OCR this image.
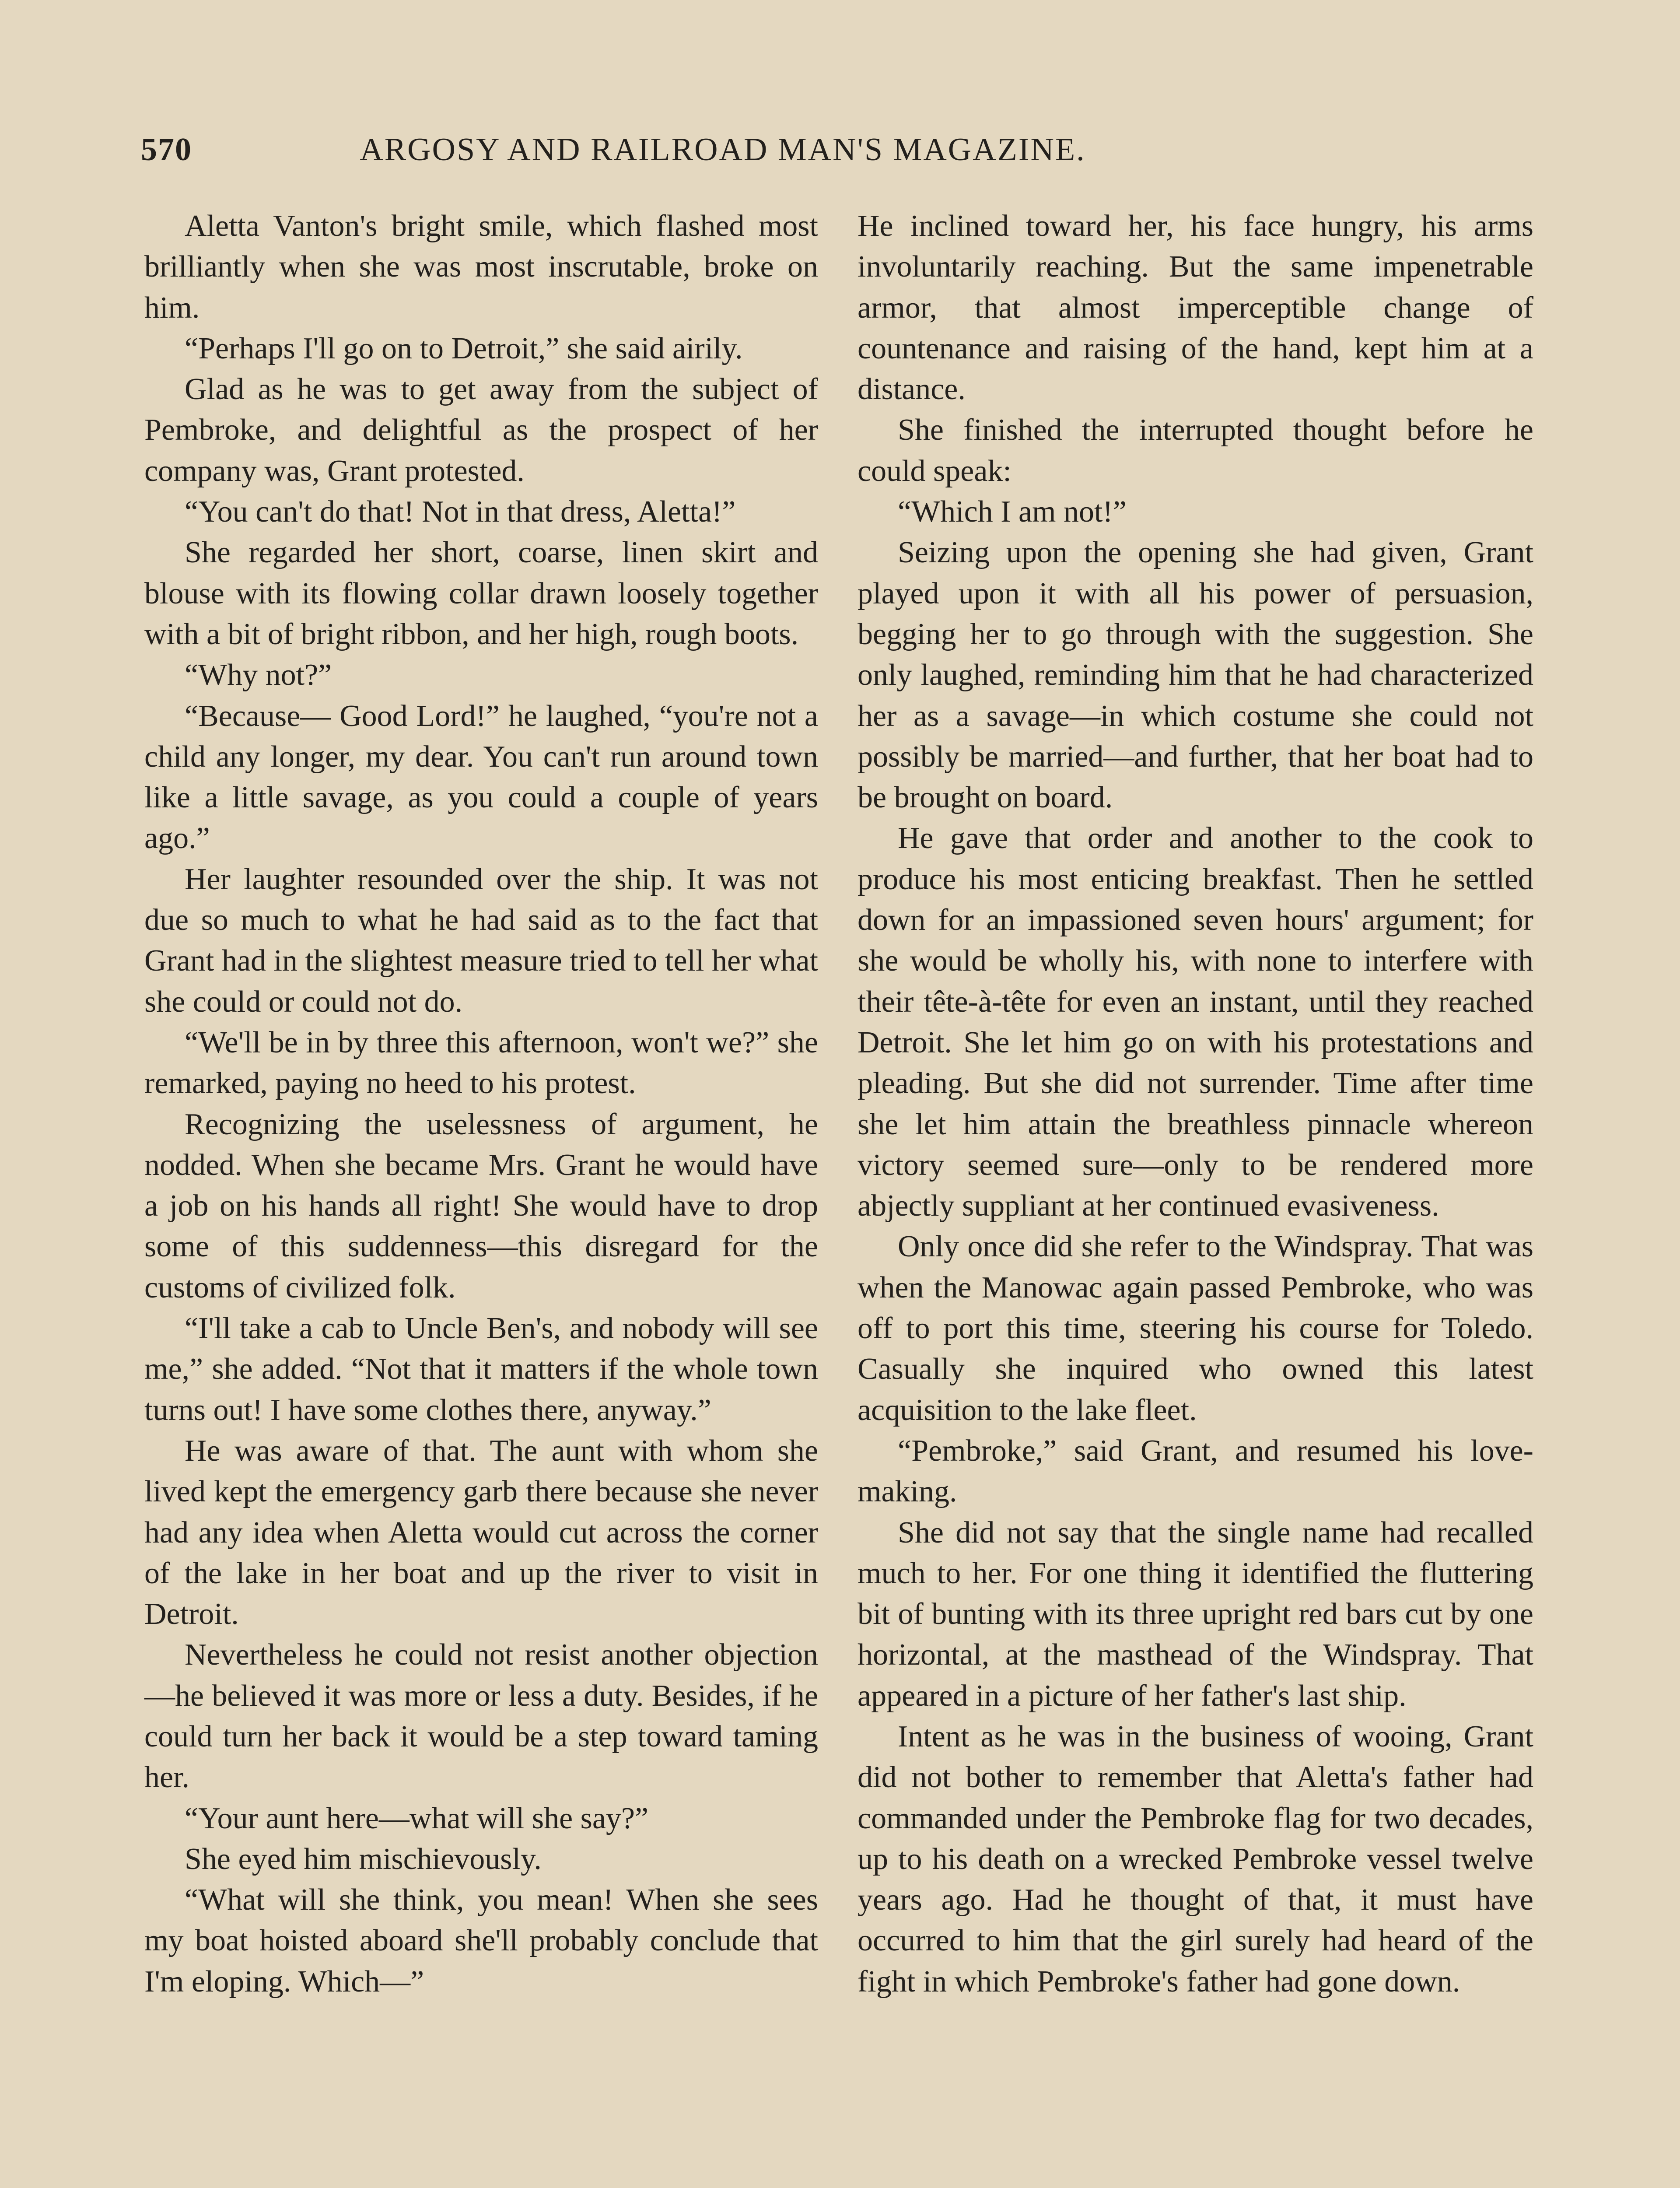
570	ARGOSY AND RAILROAD MAN'S MAGAZINE.

Aletta Vanton's bright smile, which flashed most brilliantly when she was most inscrutable, broke on him.

“Perhaps I'll go on to Detroit,” she said airily.

Glad as he was to get away from the subject of Pembroke, and delightful as the prospect of her company was, Grant protested.

“You can't do that! Not in that dress, Aletta!”

She regarded her short, coarse, linen skirt and blouse with its flowing collar drawn loosely together with a bit of bright ribbon, and her high, rough boots.

“Why not?”

“Because— Good Lord!” he laughed, “you're not a child any longer, my dear. You can't run around town like a little savage, as you could a couple of years ago.”

Her laughter resounded over the ship. It was not due so much to what he had said as to the fact that Grant had in the slightest measure tried to tell her what she could or could not do.

“We'll be in by three this afternoon, won't we?” she remarked, paying no heed to his protest.

Recognizing the uselessness of argument, he nodded. When she became Mrs. Grant he would have a job on his hands all right! She would have to drop some of this suddenness—this disregard for the customs of civilized folk.

“I'll take a cab to Uncle Ben's, and nobody will see me,” she added. “Not that it matters if the whole town turns out! I have some clothes there, anyway.”

He was aware of that. The aunt with whom she lived kept the emergency garb there because she never had any idea when Aletta would cut across the corner of the lake in her boat and up the river to visit in Detroit.

Nevertheless he could not resist another objection—he believed it was more or less a duty. Besides, if he could turn her back it would be a step toward taming her.

“Your aunt here—what will she say?”

She eyed him mischievously.

“What will she think, you mean! When she sees my boat hoisted aboard she'll probably conclude that I'm eloping. Which—”

He inclined toward her, his face hungry, his arms involuntarily reaching. But the same impenetrable armor, that almost imperceptible change of countenance and raising of the hand, kept him at a distance.

She finished the interrupted thought before he could speak:

“Which I am not!”

Seizing upon the opening she had given, Grant played upon it with all his power of persuasion, begging her to go through with the suggestion. She only laughed, reminding him that he had characterized her as a savage—in which costume she could not possibly be married—and further, that her boat had to be brought on board.

He gave that order and another to the cook to produce his most enticing breakfast. Then he settled down for an impassioned seven hours' argument; for she would be wholly his, with none to interfere with their tête-à-tête for even an instant, until they reached Detroit. She let him go on with his protestations and pleading. But she did not surrender. Time after time she let him attain the breathless pinnacle whereon victory seemed sure—only to be rendered more abjectly suppliant at her continued evasiveness.

Only once did she refer to the Windspray. That was when the Manowac again passed Pembroke, who was off to port this time, steering his course for Toledo. Casually she inquired who owned this latest acquisition to the lake fleet.

“Pembroke,” said Grant, and resumed his love-making.

She did not say that the single name had recalled much to her. For one thing it identified the fluttering bit of bunting with its three upright red bars cut by one horizontal, at the masthead of the Windspray. That appeared in a picture of her father's last ship.

Intent as he was in the business of wooing, Grant did not bother to remember that Aletta's father had commanded under the Pembroke flag for two decades, up to his death on a wrecked Pembroke vessel twelve years ago. Had he thought of that, it must have occurred to him that the girl surely had heard of the fight in which Pembroke's father had gone down.
